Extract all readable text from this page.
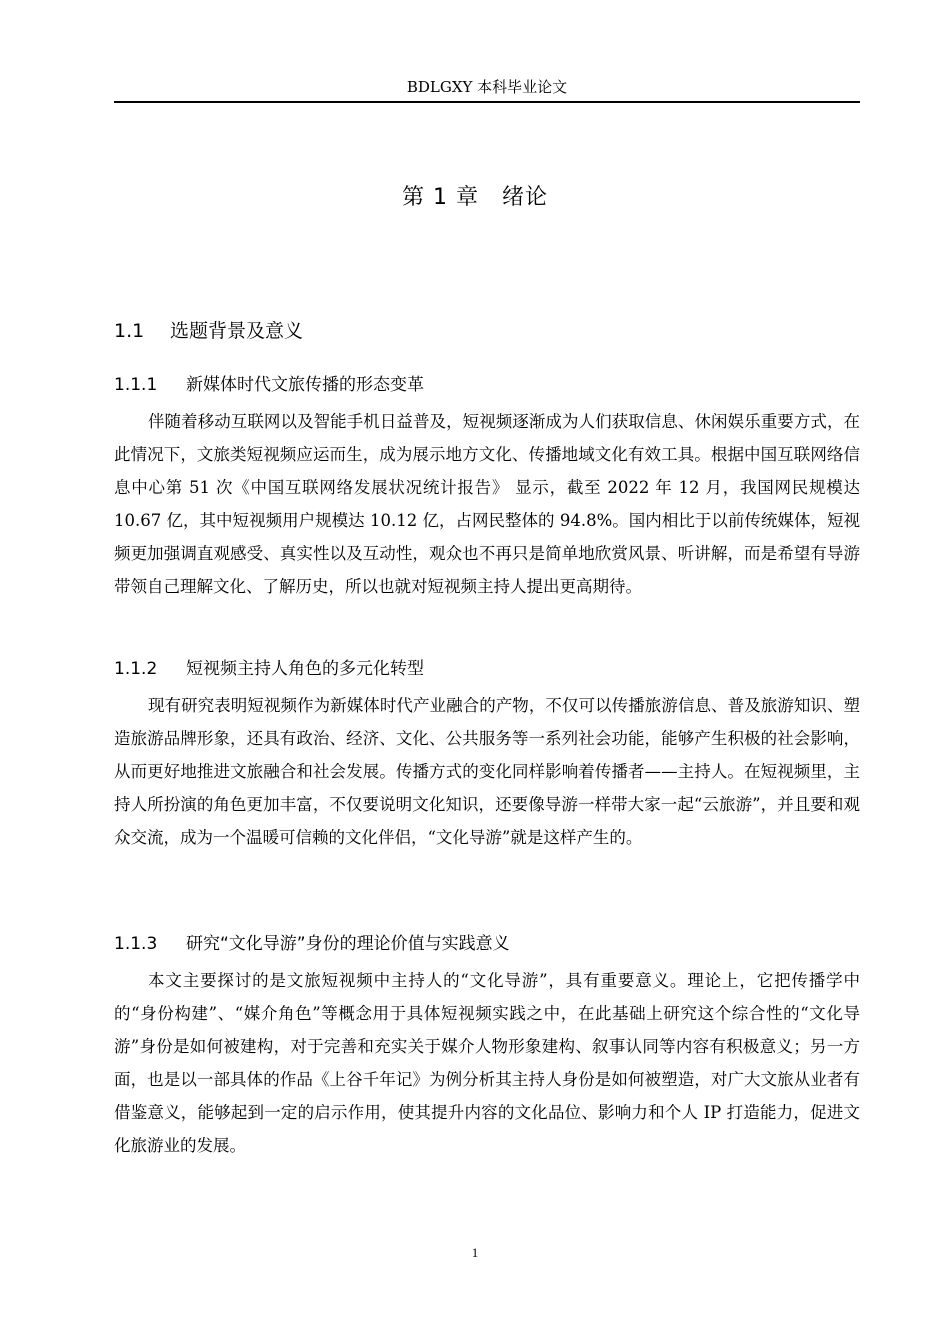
BDLGXY 本科毕业论文
第 1 章　绪论
1.1 选题背景及意义
1.1.1 新媒体时代文旅传播的形态变革

伴随着移动互联网以及智能手机日益普及，短视频逐渐成为人们获取信息、休闲娱乐重要方式，在此情况下，文旅类短视频应运而生，成为展示地方文化、传播地域文化有效工具。根据中国互联网络信息中心第 51 次《中国互联网络发展状况统计报告》 显示，截至 2022 年 12 月，我国网民规模达 10.67 亿，其中短视频用户规模达 10.12 亿，占网民整体的 94.8%。国内相比于以前传统媒体，短视频更加强调直观感受、真实性以及互动性，观众也不再只是简单地欣赏风景、听讲解，而是希望有导游带领自己理解文化、了解历史，所以也就对短视频主持人提出更高期待。

1.1.2 短视频主持人角色的多元化转型

现有研究表明短视频作为新媒体时代产业融合的产物，不仅可以传播旅游信息、普及旅游知识、塑造旅游品牌形象，还具有政治、经济、文化、公共服务等一系列社会功能，能够产生积极的社会影响，从而更好地推进文旅融合和社会发展。传播方式的变化同样影响着传播者——主持人。在短视频里，主持人所扮演的角色更加丰富，不仅要说明文化知识，还要像导游一样带大家一起“云旅游”，并且要和观众交流，成为一个温暖可信赖的文化伴侣，“文化导游”就是这样产生的。

1.1.3 研究“文化导游”身份的理论价值与实践意义

本文主要探讨的是文旅短视频中主持人的“文化导游”，具有重要意义。理论上，它把传播学中的“身份构建”、“媒介角色”等概念用于具体短视频实践之中，在此基础上研究这个综合性的“文化导游”身份是如何被建构，对于完善和充实关于媒介人物形象建构、叙事认同等内容有积极意义；另一方面，也是以一部具体的作品《上谷千年记》为例分析其主持人身份是如何被塑造，对广大文旅从业者有借鉴意义，能够起到一定的启示作用，使其提升内容的文化品位、影响力和个人 IP 打造能力，促进文化旅游业的发展。

1
